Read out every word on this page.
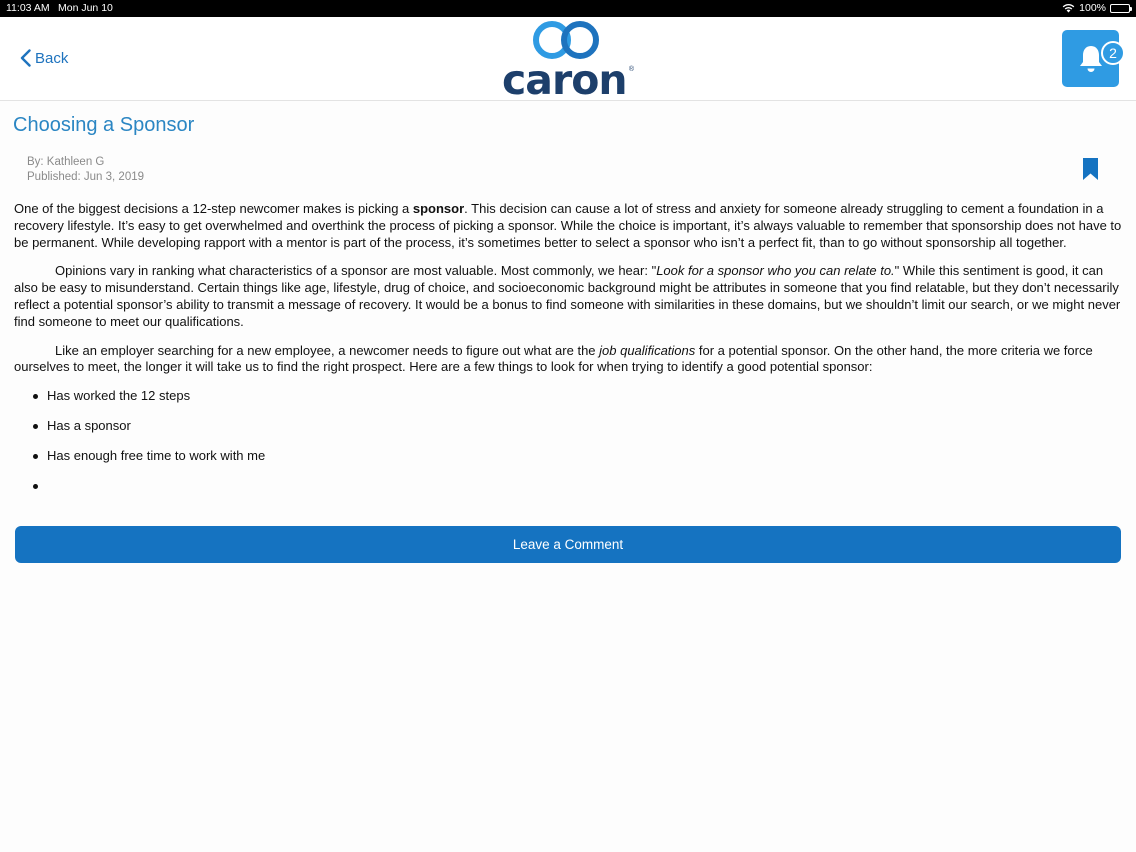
11:03 AM Mon Jun 10	100%
Back	caron ®
2
Choosing a Sponsor
By: Kathleen G
Published: Jun 3, 2019

One of the biggest decisions a 12-step newcomer makes is picking a sponsor. This decision can cause a lot of stress and anxiety for someone already struggling to cement a foundation in a recovery lifestyle. It’s easy to get overwhelmed and overthink the process of picking a sponsor. While the choice is important, it’s always valuable to remember that sponsorship does not have to be permanent. While developing rapport with a mentor is part of the process, it’s sometimes better to select a sponsor who isn’t a perfect fit, than to go without sponsorship all together.

Opinions vary in ranking what characteristics of a sponsor are most valuable. Most commonly, we hear: "Look for a sponsor who you can relate to." While this sentiment is good, it can also be easy to misunderstand. Certain things like age, lifestyle, drug of choice, and socioeconomic background might be attributes in someone that you find relatable, but they don’t necessarily reflect a potential sponsor’s ability to transmit a message of recovery. It would be a bonus to find someone with similarities in these domains, but we shouldn’t limit our search, or we might never find someone to meet our qualifications.

Like an employer searching for a new employee, a newcomer needs to figure out what are the job qualifications for a potential sponsor. On the other hand, the more criteria we force ourselves to meet, the longer it will take us to find the right prospect. Here are a few things to look for when trying to identify a good potential sponsor:

Has worked the 12 steps
Has a sponsor
Has enough free time to work with me
Leave a Comment
